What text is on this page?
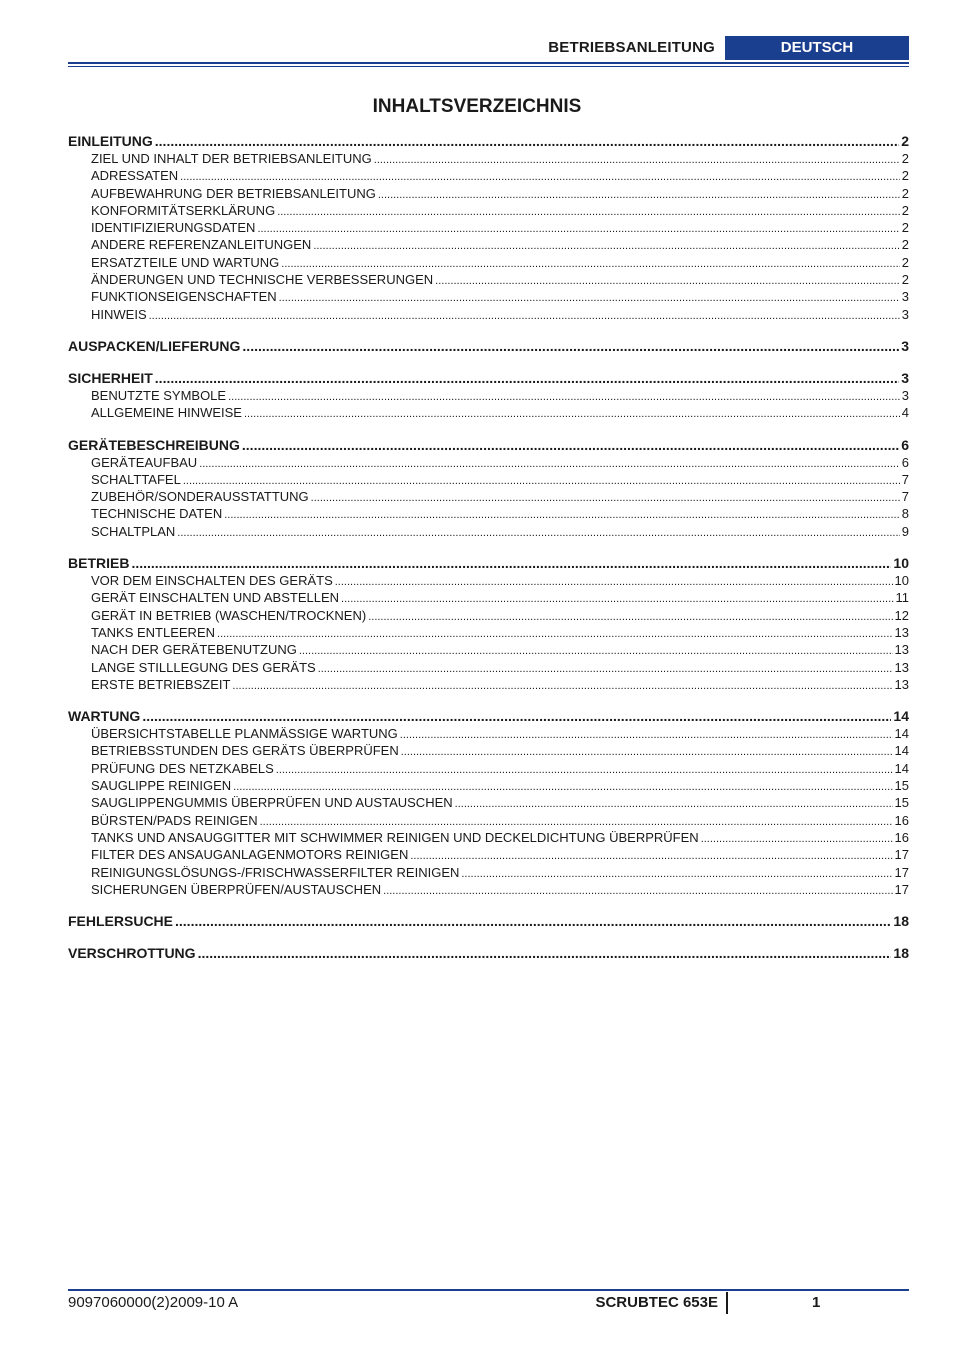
BETRIEBSANLEITUNG	DEUTSCH
INHALTSVERZEICHNIS
EINLEITUNG .....	2
ZIEL UND INHALT DER BETRIEBSANLEITUNG .....	2
ADRESSATEN .....	2
AUFBEWAHRUNG DER BETRIEBSANLEITUNG .....	2
KONFORMITÄTSERKLÄRUNG .....	2
IDENTIFIZIERUNGSDATEN .....	2
ANDERE REFERENZANLEITUNGEN .....	2
ERSATZTEILE UND WARTUNG .....	2
ÄNDERUNGEN UND TECHNISCHE VERBESSERUNGEN .....	2
FUNKTIONSEIGENSCHAFTEN .....	3
HINWEIS .....	3
AUSPACKEN/LIEFERUNG .....	3
SICHERHEIT .....	3
BENUTZTE SYMBOLE .....	3
ALLGEMEINE HINWEISE .....	4
GERÄTEBESCHREIBUNG .....	6
GERÄTEAUFBAU .....	6
SCHALTTAFEL .....	7
ZUBEHÖR/SONDERAUSSTATTUNG .....	7
TECHNISCHE DATEN .....	8
SCHALTPLAN .....	9
BETRIEB .....	10
VOR DEM EINSCHALTEN DES GERÄTS .....	10
GERÄT EINSCHALTEN UND ABSTELLEN .....	11
GERÄT IN BETRIEB (WASCHEN/TROCKNEN) .....	12
TANKS ENTLEEREN .....	13
NACH DER GERÄTEBENUTZUNG .....	13
LANGE STILLLEGUNG DES GERÄTS .....	13
ERSTE BETRIEBSZEIT .....	13
WARTUNG .....	14
ÜBERSICHTSTABELLE PLANMÄSSIGE WARTUNG .....	14
BETRIEBSSTUNDEN DES GERÄTS ÜBERPRÜFEN .....	14
PRÜFUNG DES NETZKABELS .....	14
SAUGLIPPE REINIGEN .....	15
SAUGLIPPENGUMMIS ÜBERPRÜFEN UND AUSTAUSCHEN .....	15
BÜRSTEN/PADS REINIGEN .....	16
TANKS UND ANSAUGGITTER MIT SCHWIMMER REINIGEN UND DECKELDICHTUNG ÜBERPRÜFEN .....	16
FILTER DES ANSAUGANLAGENMOTORS REINIGEN .....	17
REINIGUNGSLÖSUNGS-/FRISCHWASSERFILTER REINIGEN .....	17
SICHERUNGEN ÜBERPRÜFEN/AUSTAUSCHEN .....	17
FEHLERSUCHE .....	18
VERSCHROTTUNG .....	18
9097060000(2)2009-10 A	SCRUBTEC 653E	1
